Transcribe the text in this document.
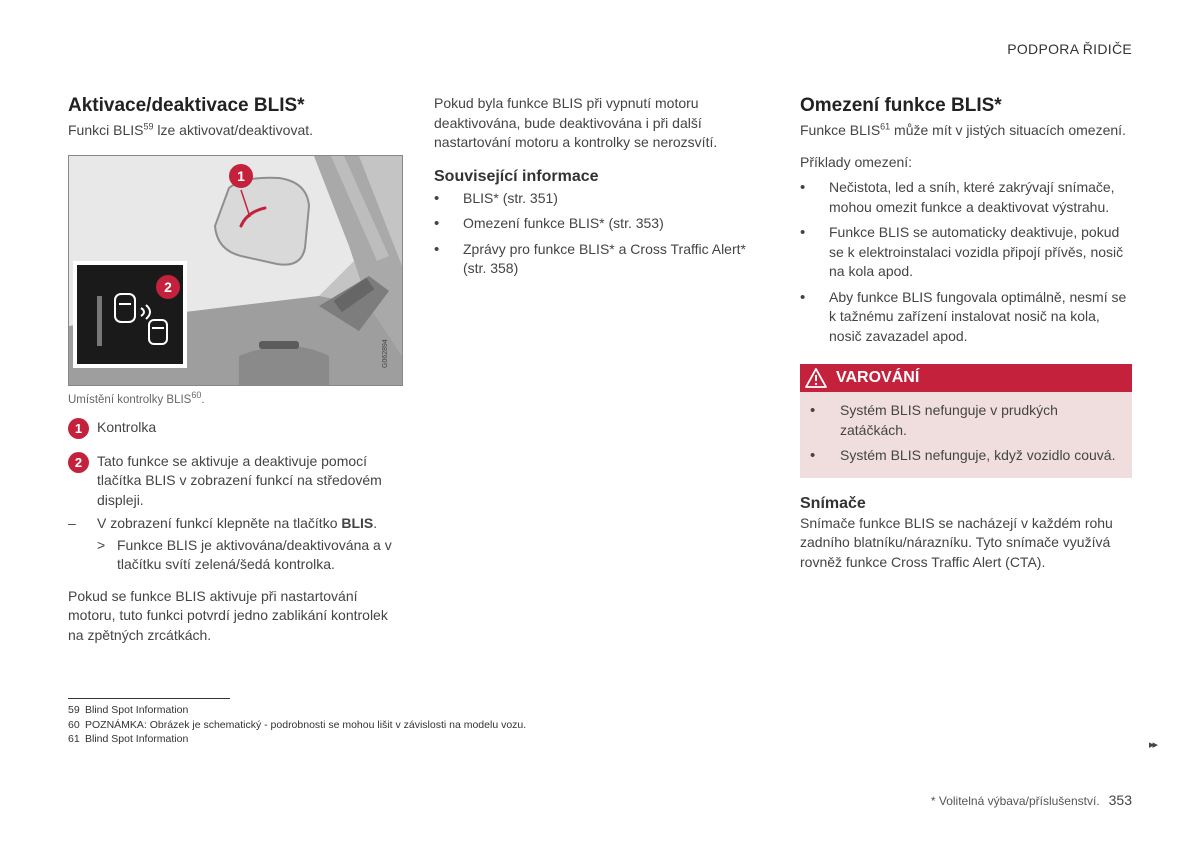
PODPORA ŘIDIČE
Aktivace/deaktivace BLIS*

Funkci BLIS$^{59}$ lze aktivovat/deaktivovat.

1
2
G062894
Umístění kontrolky BLIS$^{60}$.
1	Kontrolka

2	Tato funkce se aktivuje a deaktivuje pomocí tlačítka BLIS v zobrazení funkcí na středovém displeji.

–	V zobrazení funkcí klepněte na tlačítko BLIS.
> Funkce BLIS je aktivována/deaktivována a v tlačítku svítí zelená/šedá kontrolka.

Pokud se funkce BLIS aktivuje při nastartování motoru, tuto funkci potvrdí jedno zablikání kontrolek na zpětných zrcátkách.

Pokud byla funkce BLIS při vypnutí motoru deaktivována, bude deaktivována i při další nastartování motoru a kontrolky se nerozsvítí.

Související informace
•
BLIS* (str. 351)
•
Omezení funkce BLIS* (str. 353)
•
Zprávy pro funkce BLIS* a Cross Traffic Alert* (str. 358)
Omezení funkce BLIS*

Funkce BLIS$^{61}$ může mít v jistých situacích omezení.

Příklady omezení:

•
Nečistota, led a sníh, které zakrývají snímače, mohou omezit funkce a deaktivovat výstrahu.
•
Funkce BLIS se automaticky deaktivuje, pokud se k elektroinstalaci vozidla připojí přívěs, nosič na kola apod.
•
Aby funkce BLIS fungovala optimálně, nesmí se k tažnému zařízení instalovat nosič na kola, nosič zavazadel apod.
VAROVÁNÍ
•
Systém BLIS nefunguje v prudkých zatáčkách.
•
Systém BLIS nefunguje, když vozidlo couvá.
Snímače

Snímače funkce BLIS se nacházejí v každém rohu zadního blatníku/nárazníku. Tyto snímače využívá rovněž funkce Cross Traffic Alert (CTA).

59 Blind Spot Information
60 POZNÁMKA: Obrázek je schematický - podrobnosti se mohou lišit v závislosti na modelu vozu.
61 Blind Spot Information	▸▸
* Volitelná výbava/příslušenství. 353
